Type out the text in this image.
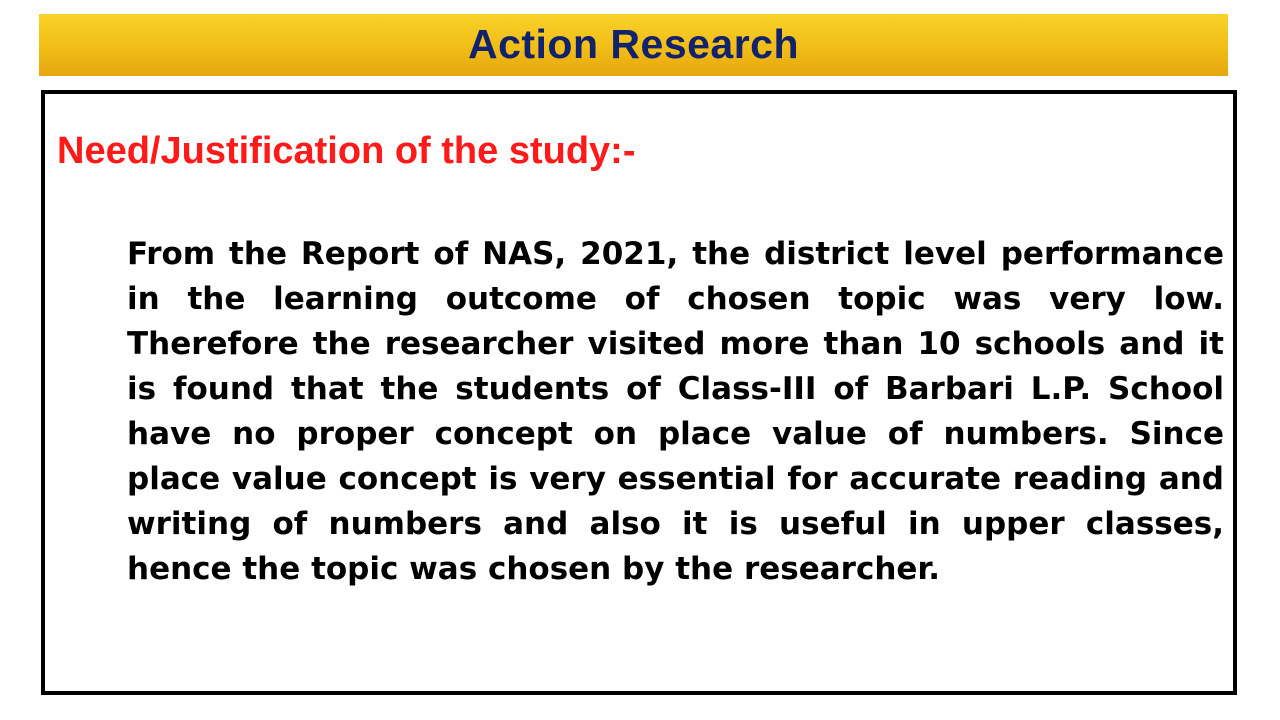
Action Research
Need/Justification of the study:-

From the Report of NAS, 2021, the district level performance in the learning outcome of chosen topic was very low. Therefore the researcher visited more than 10 schools and it is found that the students of Class-III of Barbari L.P. School have no proper concept on place value of numbers. Since place value concept is very essential for accurate reading and writing of numbers and also it is useful in upper classes, hence the topic was chosen by the researcher.
